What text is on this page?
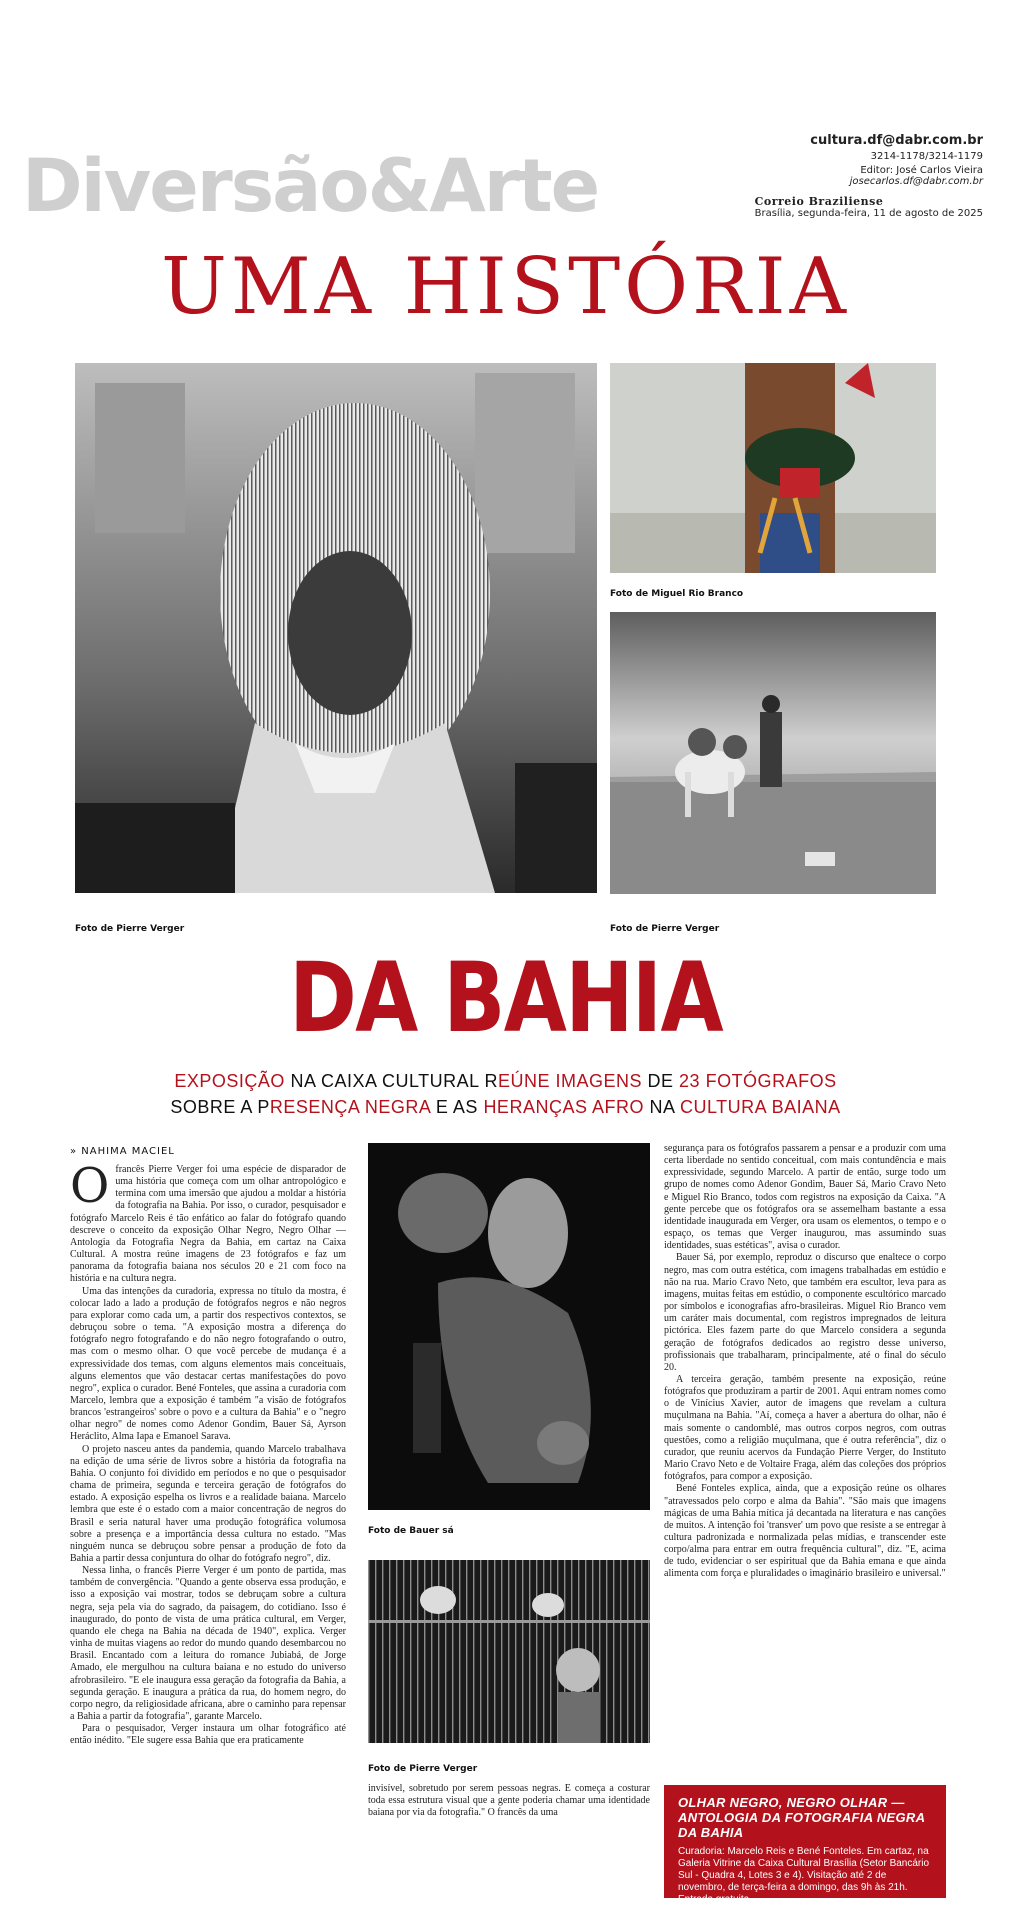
Diversão&Arte
cultura.df@dabr.com.br
3214-1178/3214-1179
Editor: José Carlos Vieira
josecarlos.df@dabr.com.br
Correio Braziliense
Brasília, segunda-feira, 11 de agosto de 2025
UMA HISTÓRIA
Foto de Pierre Verger
Foto de Miguel Rio Branco
Foto de Pierre Verger
DA BAHIA
EXPOSIÇÃO NA CAIXA CULTURAL REÚNE IMAGENS DE 23 FOTÓGRAFOS
SOBRE A PRESENÇA NEGRA E AS HERANÇAS AFRO NA CULTURA BAIANA
» NAHIMA MACIEL

Ofrancês Pierre Verger foi uma espécie de disparador de uma história que começa com um olhar antropológico e termina com uma imersão que ajudou a moldar a história da fotografia na Bahia. Por isso, o curador, pesquisador e fotógrafo Marcelo Reis é tão enfático ao falar do fotógrafo quando descreve o conceito da exposição Olhar Negro, Negro Olhar — Antologia da Fotografia Negra da Bahia, em cartaz na Caixa Cultural. A mostra reúne imagens de 23 fotógrafos e faz um panorama da fotografia baiana nos séculos 20 e 21 com foco na história e na cultura negra.

Uma das intenções da curadoria, expressa no título da mostra, é colocar lado a lado a produção de fotógrafos negros e não negros para explorar como cada um, a partir dos respectivos contextos, se debruçou sobre o tema. "A exposição mostra a diferença do fotógrafo negro fotografando e do não negro fotografando o outro, mas com o mesmo olhar. O que você percebe de mudança é a expressividade dos temas, com alguns elementos mais conceituais, alguns elementos que vão destacar certas manifestações do povo negro", explica o curador. Bené Fonteles, que assina a curadoria com Marcelo, lembra que a exposição é também "a visão de fotógrafos brancos 'estrangeiros' sobre o povo e a cultura da Bahia" e o "negro olhar negro" de nomes como Adenor Gondim, Bauer Sá, Ayrson Heráclito, Alma Iapa e Emanoel Sarava.

O projeto nasceu antes da pandemia, quando Marcelo trabalhava na edição de uma série de livros sobre a história da fotografia na Bahia. O conjunto foi dividido em períodos e no que o pesquisador chama de primeira, segunda e terceira geração de fotógrafos do estado. A exposição espelha os livros e a realidade baiana. Marcelo lembra que este é o estado com a maior concentração de negros do Brasil e seria natural haver uma produção fotográfica volumosa sobre a presença e a importância dessa cultura no estado. "Mas ninguém nunca se debruçou sobre pensar a produção de foto da Bahia a partir dessa conjuntura do olhar do fotógrafo negro", diz.

Nessa linha, o francês Pierre Verger é um ponto de partida, mas também de convergência. "Quando a gente observa essa produção, e isso a exposição vai mostrar, todos se debruçam sobre a cultura negra, seja pela via do sagrado, da paisagem, do cotidiano. Isso é inaugurado, do ponto de vista de uma prática cultural, em Verger, quando ele chega na Bahia na década de 1940", explica. Verger vinha de muitas viagens ao redor do mundo quando desembarcou no Brasil. Encantado com a leitura do romance Jubiabá, de Jorge Amado, ele mergulhou na cultura baiana e no estudo do universo afrobrasileiro. "E ele inaugura essa geração da fotografia da Bahia, a segunda geração. E inaugura a prática da rua, do homem negro, do corpo negro, da religiosidade africana, abre o caminho para repensar a Bahia a partir da fotografia", garante Marcelo.

Para o pesquisador, Verger instaura um olhar fotográfico até então inédito. "Ele sugere essa Bahia que era praticamente

Foto de Bauer sá
Foto de Pierre Verger

invisível, sobretudo por serem pessoas negras. E começa a costurar toda essa estrutura visual que a gente poderia chamar uma identidade baiana por via da fotografia." O francês da uma

segurança para os fotógrafos passarem a pensar e a produzir com uma certa liberdade no sentido conceitual, com mais contundência e mais expressividade, segundo Marcelo. A partir de então, surge todo um grupo de nomes como Adenor Gondim, Bauer Sá, Mario Cravo Neto e Miguel Rio Branco, todos com registros na exposição da Caixa. "A gente percebe que os fotógrafos ora se assemelham bastante a essa identidade inaugurada em Verger, ora usam os elementos, o tempo e o espaço, os temas que Verger inaugurou, mas assumindo suas identidades, suas estéticas", avisa o curador.

Bauer Sá, por exemplo, reproduz o discurso que enaltece o corpo negro, mas com outra estética, com imagens trabalhadas em estúdio e não na rua. Mario Cravo Neto, que também era escultor, leva para as imagens, muitas feitas em estúdio, o componente escultórico marcado por símbolos e iconografias afro-brasileiras. Miguel Rio Branco vem um caráter mais documental, com registros impregnados de leitura pictórica. Eles fazem parte do que Marcelo considera a segunda geração de fotógrafos dedicados ao registro desse universo, profissionais que trabalharam, principalmente, até o final do século 20.

A terceira geração, também presente na exposição, reúne fotógrafos que produziram a partir de 2001. Aqui entram nomes como o de Vinícius Xavier, autor de imagens que revelam a cultura muçulmana na Bahia. "Aí, começa a haver a abertura do olhar, não é mais somente o candomblé, mas outros corpos negros, com outras questões, como a religião muçulmana, que é outra referência", diz o curador, que reuniu acervos da Fundação Pierre Verger, do Instituto Mario Cravo Neto e de Voltaire Fraga, além das coleções dos próprios fotógrafos, para compor a exposição.

Bené Fonteles explica, ainda, que a exposição reúne os olhares "atravessados pelo corpo e alma da Bahia". "São mais que imagens mágicas de uma Bahia mítica já decantada na literatura e nas canções de muitos. A intenção foi 'transver' um povo que resiste a se entregar à cultura padronizada e normalizada pelas mídias, e transcender este corpo/alma para entrar em outra frequência cultural", diz. "E, acima de tudo, evidenciar o ser espiritual que da Bahia emana e que ainda alimenta com força e pluralidades o imaginário brasileiro e universal."

OLHAR NEGRO, NEGRO OLHAR — ANTOLOGIA DA FOTOGRAFIA NEGRA DA BAHIA
Curadoria: Marcelo Reis e Bené Fonteles. Em cartaz, na Galeria Vitrine da Caixa Cultural Brasília (Setor Bancário Sul - Quadra 4, Lotes 3 e 4). Visitação até 2 de novembro, de terça-feira a domingo, das 9h às 21h. Entrada gratuita
